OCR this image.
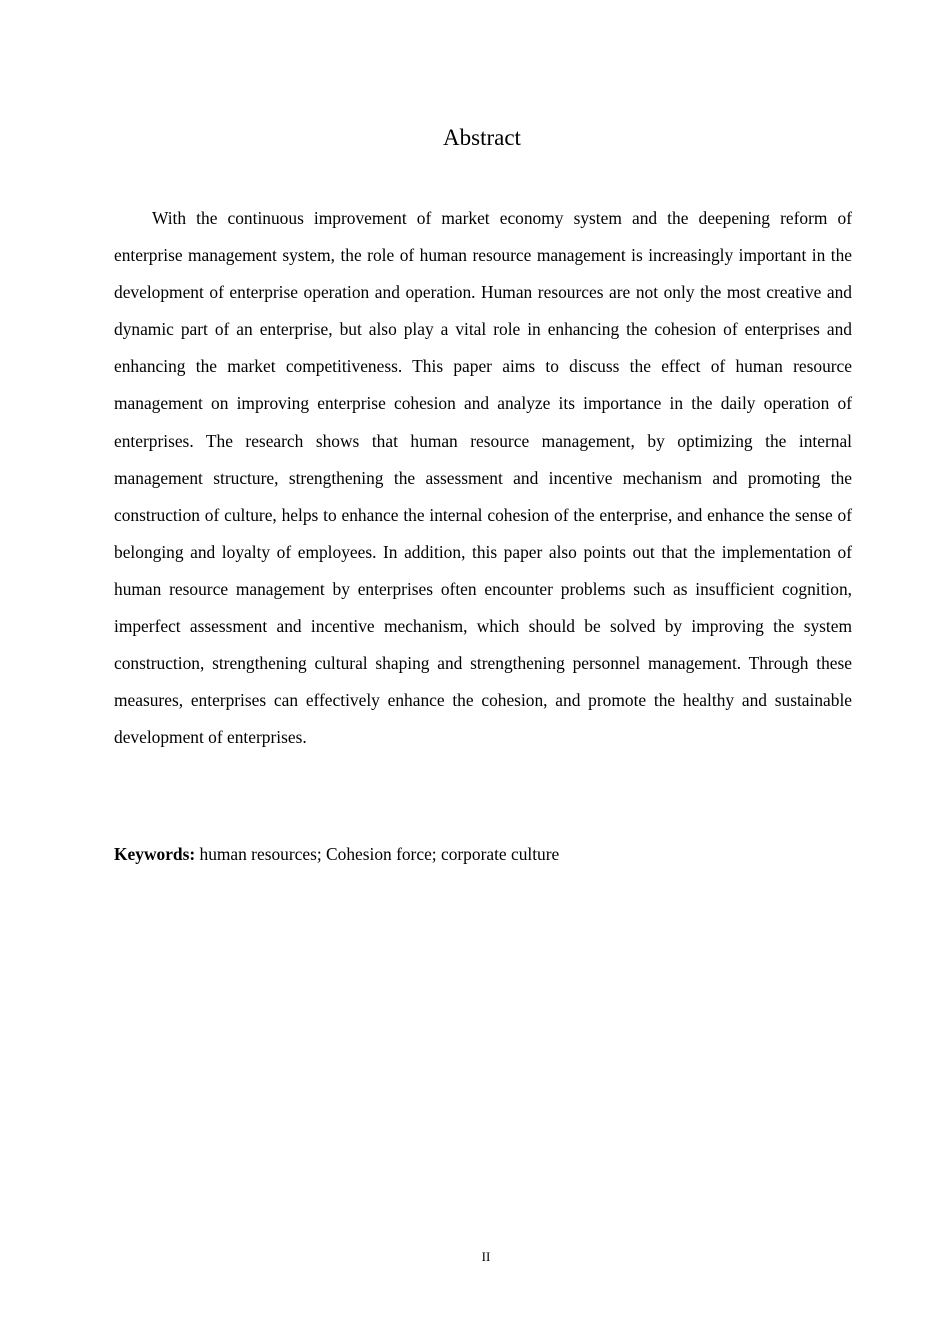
Abstract

With the continuous improvement of market economy system and the deepening reform of enterprise management system, the role of human resource management is increasingly important in the development of enterprise operation and operation. Human resources are not only the most creative and dynamic part of an enterprise, but also play a vital role in enhancing the cohesion of enterprises and enhancing the market competitiveness. This paper aims to discuss the effect of human resource management on improving enterprise cohesion and analyze its importance in the daily operation of enterprises. The research shows that human resource management, by optimizing the internal management structure, strengthening the assessment and incentive mechanism and promoting the construction of culture, helps to enhance the internal cohesion of the enterprise, and enhance the sense of belonging and loyalty of employees. In addition, this paper also points out that the implementation of human resource management by enterprises often encounter problems such as insufficient cognition, imperfect assessment and incentive mechanism, which should be solved by improving the system construction, strengthening cultural shaping and strengthening personnel management. Through these measures, enterprises can effectively enhance the cohesion, and promote the healthy and sustainable development of enterprises.

Keywords: human resources; Cohesion force; corporate culture

II
